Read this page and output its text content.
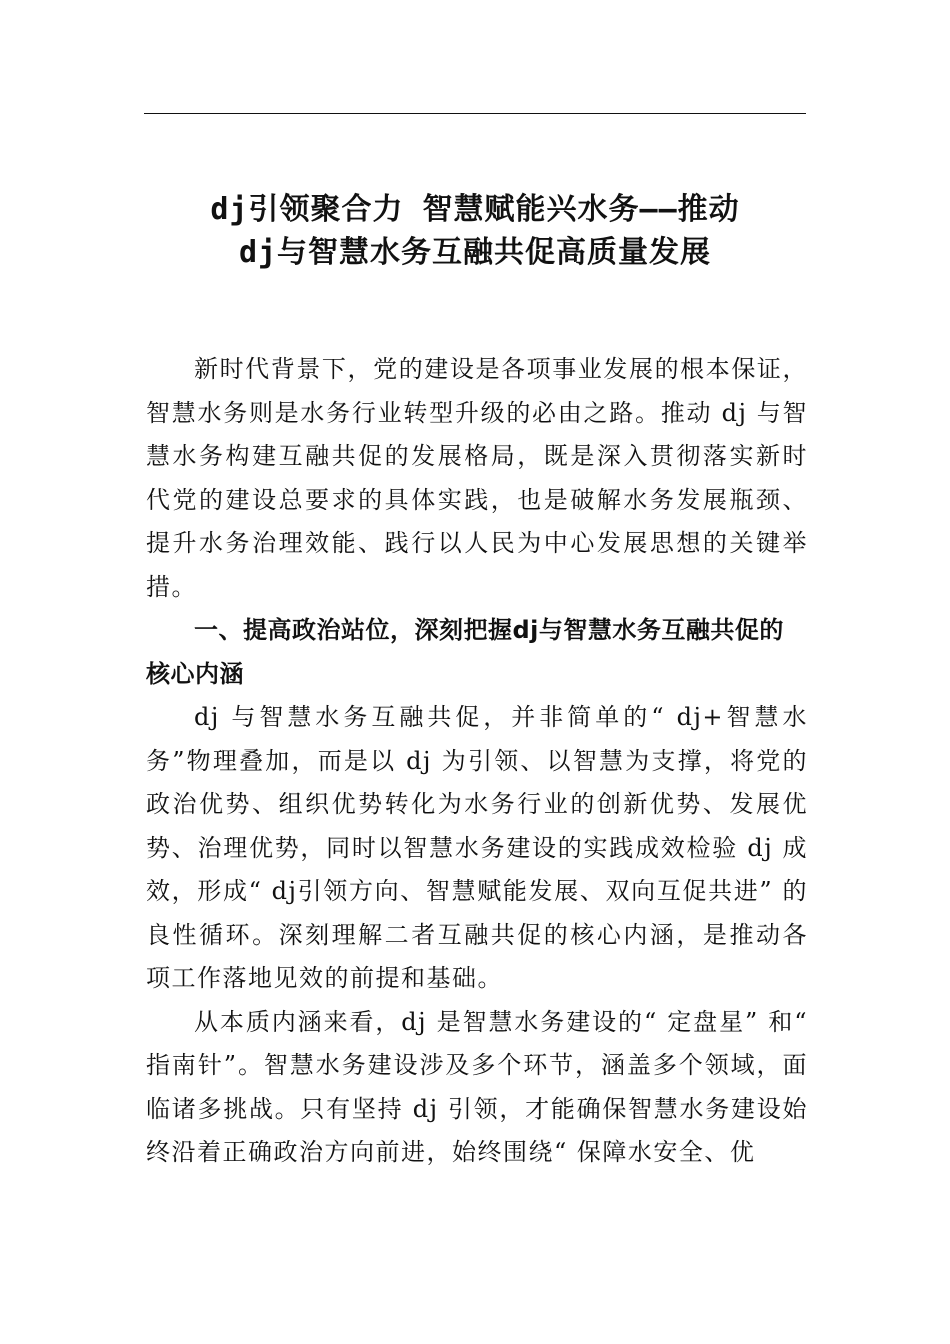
dj引领聚合力 智慧赋能兴水务——推动
dj与智慧水务互融共促高质量发展

新时代背景下，党的建设是各项事业发展的根本保证，智慧水务则是水务行业转型升级的必由之路。推动 dj 与智慧水务构建互融共促的发展格局，既是深入贯彻落实新时代党的建设总要求的具体实践，也是破解水务发展瓶颈、提升水务治理效能、践行以人民为中心发展思想的关键举措。

一、提高政治站位，深刻把握dj与智慧水务互融共促的核心内涵

dj 与智慧水务互融共促，并非简单的“ dj+智慧水务”物理叠加，而是以 dj 为引领、以智慧为支撑，将党的政治优势、组织优势转化为水务行业的创新优势、发展优势、治理优势，同时以智慧水务建设的实践成效检验 dj 成效，形成“ dj引领方向、智慧赋能发展、双向互促共进” 的良性循环。深刻理解二者互融共促的核心内涵，是推动各项工作落地见效的前提和基础。

从本质内涵来看，dj 是智慧水务建设的“ 定盘星” 和“ 指南针”。智慧水务建设涉及多个环节，涵盖多个领域，面临诸多挑战。只有坚持 dj 引领，才能确保智慧水务建设始终沿着正确政治方向前进，始终围绕“ 保障水安全、优
